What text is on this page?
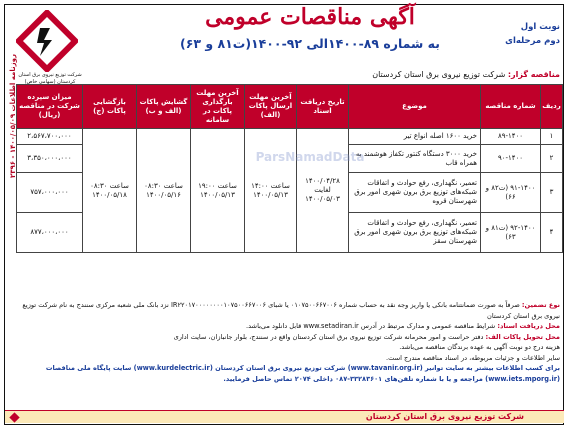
روزنامه اطلاعات ۱۴۰۰/۰۵/۰۹ - ۲۳۹۶ شرکت توزیع نیروی برق استان کردستان (سهامی خاص)
نوبت اول
دوم مرحله‌ای
آگهی مناقصات عمومی
به شماره ۸۹-۱۴۰۰الی ۹۲-۱۴۰۰(ت۸۱ و ۶۳)
مناقصه گزار: شرکت توزیع نیروی برق استان کردستان
ردیف	شماره مناقصه	موضوع	تاریخ دریافت اسناد	آخرین مهلت ارسال پاکات (الف)	آخرین مهلت بارگذاری پاکات در سامانه	گشایش پاکات (الف و ب)	بازگشایی پاکات (ج)	میزان سپرده شرکت در مناقصه (ریال)
۱	۸۹-۱۴۰۰	خرید ۱۶۰۰ اصله انواع تیر	۱۴۰۰/۰۴/۲۸ لغایت ۱۴۰۰/۰۵/۰۳	ساعت ۱۴:۰۰ ۱۴۰۰/۰۵/۱۳	ساعت ۱۹:۰۰ ۱۴۰۰/۰۵/۱۳	ساعت ۰۸:۳۰ ۱۴۰۰/۰۵/۱۶	ساعت ۰۸:۳۰ ۱۴۰۰/۰۵/۱۸	۲،۵۶۷،۷۰۰،۰۰۰
۲	۹۰-۱۴۰۰	خرید ۳۰۰۰ دستگاه کنتور تکفاز هوشمند به همراه قاب						۳،۳۵۰،۰۰۰،۰۰۰
۳	۹۱-۱۴۰۰ (ت۸۲ و ۶۶)	تعمیر، نگهداری، رفع حوادث و اتفاقات شبکه‌های توزیع برق برون شهری امور برق شهرستان قروه						۷۵۷،۰۰۰،۰۰۰
۴	۹۲-۱۴۰۰ (ت۸۱ و ۶۳)	تعمیر، نگهداری، رفع حوادث و اتفاقات شبکه‌های توزیع برق برون شهری امور برق شهرستان سقز						۸۷۷،۰۰۰،۰۰۰
ParsNamadData
نوع تضمین: صرفاً به صورت ضمانتنامه بانکی یا واریز وجه نقد به حساب شماره ۰۱۰۷۵۰۰۶۶۷۰۰۶ یا شبای IR۲۲۰۱۷۰۰۰۰۰۰۰۰۱۰۷۵۰۰۶۶۷۰۰۶ نزد بانک ملی شعبه مرکزی سنندج به نام شرکت توزیع نیروی برق استان کردستان
محل دریافت اسناد: شرایط مناقصه عمومی و مدارک مرتبط در آدرس www.setadiran.ir قابل دانلود می‌باشد.
محل تحویل پاکات الف: دفتر حراست و امور محرمانه شرکت توزیع نیروی برق استان کردستان واقع در سنندج، بلوار جانبازان، سایت اداری
هزینه درج دو نوبت آگهی به عهده برندگان مناقصه می‌باشد.
سایر اطلاعات و جزئیات مربوطه، در اسناد مناقصه مندرج است.
برای کسب اطلاعات بیشتر به سایت توانیر (www.tavanir.org.ir) شرکت توزیع نیروی برق استان کردستان (www.kurdelectric.ir) سایت پایگاه ملی مناقصات (www.iets.mporg.ir) مراجعه و یا با شماره تلفن‌های ۳۳۲۸۳۶۰۱-۰۸۷ داخلی ۲۰۷۴ تماس حاصل فرمایید.
شرکت توزیع نیروی برق استان کردستان
